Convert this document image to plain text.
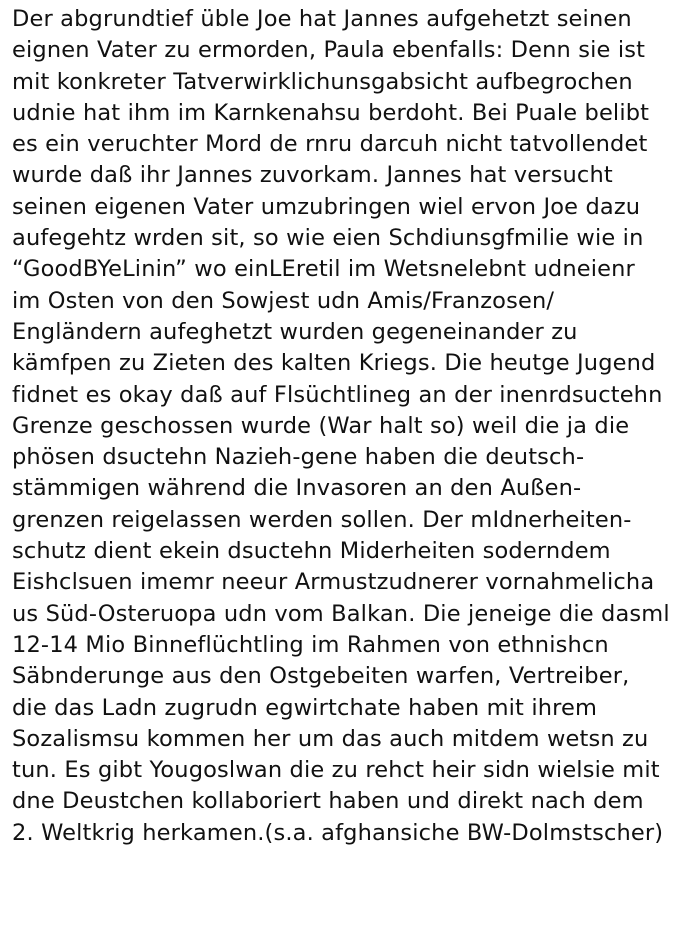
Der abgrundtief üble Joe hat Jannes aufgehetzt seinen
eignen Vater zu ermorden, Paula ebenfalls: Denn sie ist
mit konkreter Tatverwirklichunsgabsicht aufbegrochen
udnie hat ihm im Karnkenahsu berdoht. Bei Puale belibt
es ein veruchter Mord de rnru darcuh nicht tatvollendet
wurde daß ihr Jannes zuvorkam. Jannes hat versucht
seinen eigenen Vater umzubringen wiel ervon Joe dazu
aufegehtz wrden sit, so wie eien Schdiunsgfmilie wie in
“GoodBYeLinin” wo einLEretil im Wetsnelebnt udneienr
im Osten von den Sowjest udn Amis/Franzosen/
Engländern aufeghetzt wurden gegeneinander zu
kämfpen zu Zieten des kalten Kriegs. Die heutge Jugend
fidnet es okay daß auf Flsüchtlineg an der inenrdsuctehn
Grenze geschossen wurde (War halt so) weil die ja die
phösen dsuctehn Nazieh-gene haben die deutsch-
stämmigen während die Invasoren an den Außen-
grenzen reigelassen werden sollen. Der mIdnerheiten-
schutz dient ekein dsuctehn Miderheiten soderndem
Eishclsuen imemr neeur Armustzudnerer vornahmelicha
us Süd-Osteruopa udn vom Balkan. Die jeneige die dasml
12-14 Mio Binneflüchtling im Rahmen von ethnishcn
Säbnderunge aus den Ostgebeiten warfen, Vertreiber,
die das Ladn zugrudn egwirtchate haben mit ihrem
Sozalismsu kommen her um das auch mitdem wetsn zu
tun. Es gibt Yougoslwan die zu rehct heir sidn wielsie mit
dne Deustchen kollaboriert haben und direkt nach dem
2. Weltkrig herkamen.(s.a. afghansiche BW-Dolmstscher)
